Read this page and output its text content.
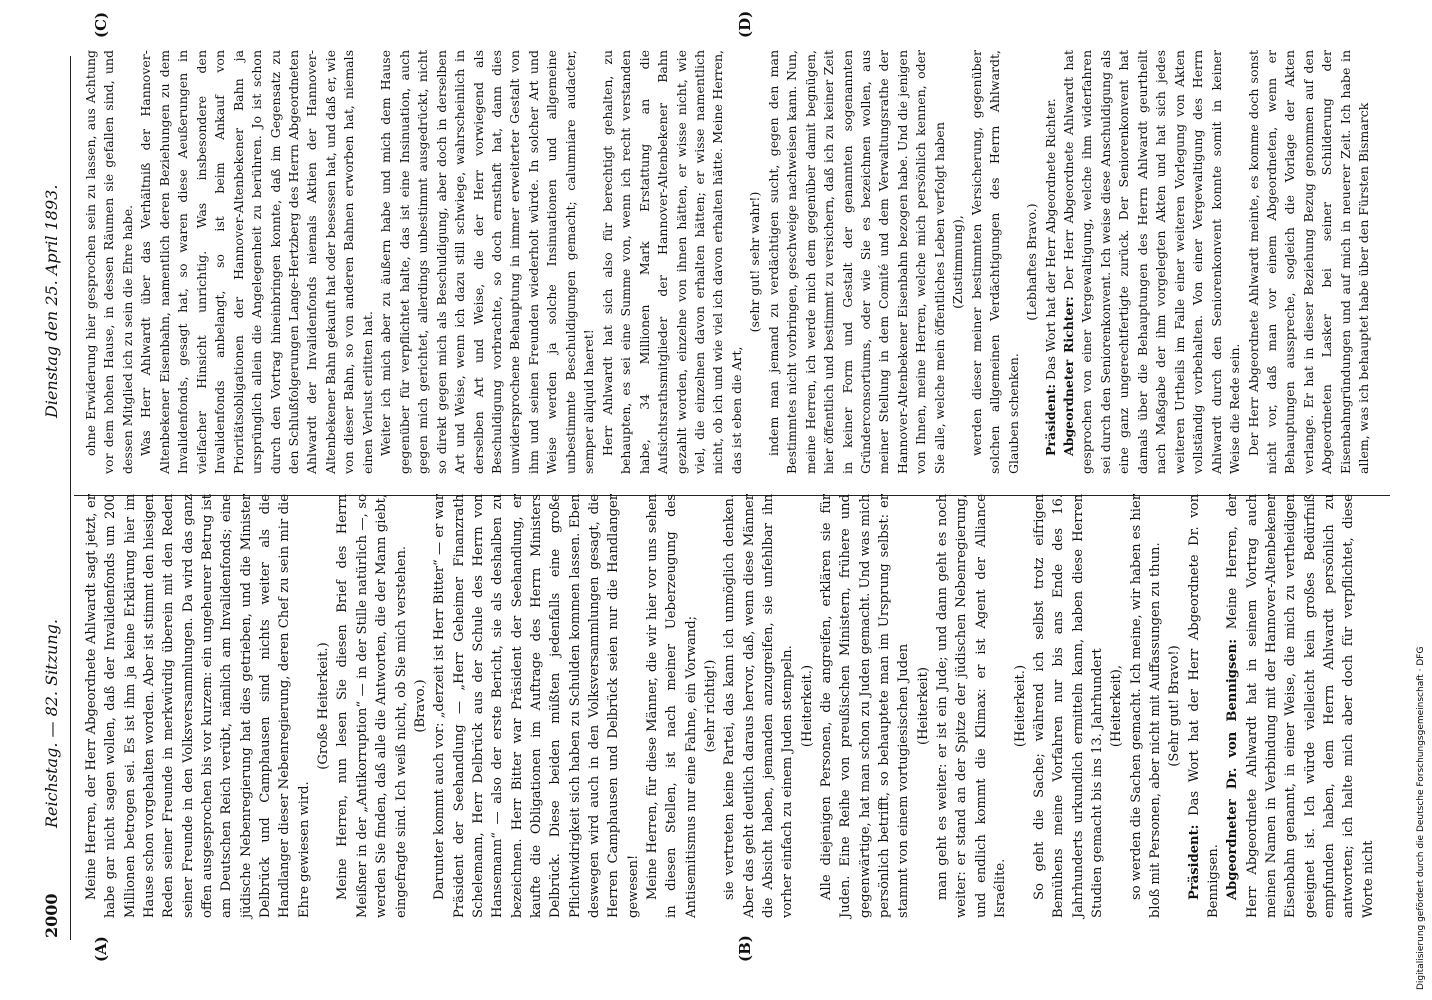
2000
Reichstag. — 82. Sitzung.
Dienstag den 25. April 1893.
(A)	(B)
(C)	(D)

Meine Herren, der Herr Abgeordnete Ahlwardt sagt jetzt, er habe gar nicht sagen wollen, daß der Invalidenfonds um 200 Millionen betrogen sei. Es ist ihm ja keine Erklärung hier im Hause schon vorgehalten worden. Aber ist stimmt den hiesigen Reden seiner Freunde in merkwürdig überein mit den Reden seiner Freunde in den Volksversammlungen. Da wird das ganz offen ausgesprochen bis vor kurzem: ein ungeheurer Betrug ist am Deutschen Reich verübt, nämlich am Invalidenfonds; eine jüdische Nebenregierung hat dies getrieben, und die Minister Delbrück und Camphausen sind nichts weiter als die Handlanger dieser Nebenregierung, deren Chef zu sein mir die Ehre gewiesen wird.

(Große Heiterkeit.) Meine Herren, nun lesen Sie diesen Brief des Herrn Meißner in der „Antikorruption“ — in der Stille natürlich —, so werden Sie finden, daß alle die Antworten, die der Mann giebt, eingefragte sind. Ich weiß nicht, ob Sie mich verstehen. (Bravo.) Darunter kommt auch vor: „derzeit ist Herr Bitter“ — er war Präsident der Seehandlung — „Herr Geheimer Finanzrath Schelemann, Herr Delbrück aus der Schule des Herrn von Hansemann“ — also der erste Bericht, sie als deshalben zu bezeichnen. Herr Bitter war Präsident der Seehandlung, er kaufte die Obligationen im Auftrage des Herrn Ministers Delbrück. Diese beiden müßten jedenfalls eine große Pflichtwidrigkeit sich haben zu Schulden kommen lassen. Eben deswegen wird auch in den Volksversammlungen gesagt, die Herren Camphausen und Delbrück seien nur die Handlanger gewesen! Meine Herren, für diese Männer, die wir hier vor uns sehen in diesen Stellen, ist nach meiner Ueberzeugung des Antisemitismus nur eine Fahne, ein Vorwand; (sehr richtig!) sie vertreten keine Partei, das kann ich unmöglich denken. Aber das geht deutlich daraus hervor, daß, wenn diese Männer die Absicht haben, jemanden anzugreifen, sie unfehlbar ihn vorher einfach zu einem Juden stempeln. (Heiterkeit.) Alle diejenigen Personen, die angreifen, erklären sie für Juden. Eine Reihe von preußischen Ministern, frühere und gegenwärtige, hat man schon zu Juden gemacht. Und was mich persönlich betrifft, so behauptete man im Ursprung selbst: er stammt von einem vortugiesischen Juden (Heiterkeit) man geht es weiter: er ist ein Jude; und dann geht es noch weiter: er stand an der Spitze der jüdischen Nebenregierung, und endlich kommt die Klimax: er ist Agent der Alliance Israélite.

(Heiterkeit.) So geht die Sache; während ich selbst trotz eifrigen Bemühens meine Vorfahren nur bis ans Ende des 16. Jahrhunderts urkundlich ermitteln kann, haben diese Herren Studien gemacht bis ins 13. Jahrhundert (Heiterkeit), so werden die Sachen gemacht. Ich meine, wir haben es hier bloß mit Personen, aber nicht mit Auffassungen zu thun. (Sehr gut! Bravo!)

Präsident: Das Wort hat der Herr Abgeordnete Dr. von Bennigsen. Abgeordneter Dr. von Bennigsen: Meine Herren, der Herr Abgeordnete Ahlwardt hat in seinem Vortrag auch meinen Namen in Verbindung mit der Hannover-Altenbekener Eisenbahn genannt, in einer Weise, die mich zu vertheidigen geeignet ist. Ich würde vielleicht kein großes Bedürfniß empfunden haben, dem Herrn Ahlwardt persönlich zu antworten; ich halte mich aber doch für verpflichtet, diese Worte nicht

ohne Erwiderung hier gesprochen sein zu lassen, aus Achtung vor dem hohen Hause, in dessen Räumen sie gefallen sind, und dessen Mitglied ich zu sein die Ehre habe. Was Herr Ahlwardt über das Verhältniß der Hannover-Altenbekener Eisenbahn, namentlich deren Beziehungen zu dem Invalidenfonds, gesagt hat, so waren diese Aeußerungen in vielfacher Hinsicht unrichtig. Was insbesondere den Invalidenfonds anbelangt, so ist beim Ankauf von Prioritätsobligationen der Hannover-Altenbekener Bahn ja ursprünglich allein die Angelegenheit zu berühren. Jo ist schon durch den Vortrag hineinbringen konnte, daß im Gegensatz zu den Schlußfolgerungen Lange-Hertzberg des Herrn Abgeordneten Ahlwardt der Invalidenfonds niemals Aktien der Hannover-Altenbekener Bahn gekauft hat oder besessen hat, und daß er, wie von dieser Bahn, so von anderen Bahnen erworben hat, niemals einen Verlust erlitten hat. Weiter ich mich aber zu äußern habe und mich dem Hause gegenüber für verpflichtet halte, das ist eine Insinuation, auch gegen mich gerichtet, allerdings unbestimmt ausgedrückt, nicht so direkt gegen mich als Beschuldigung, aber doch in derselben Art und Weise, wenn ich dazu still schwiege, wahrscheinlich in derselben Art und Weise, die der Herr vorwiegend als Beschuldigung vorbrachte, so doch ernsthaft hat, dann dies unwidersprochene Behauptung in immer erweiterter Gestalt von ihm und seinen Freunden wiederholt würde. In solcher Art und Weise werden ja solche Insinuationen und allgemeine unbestimmte Beschuldigungen gemacht; calumniare audacter, semper aliquid haeret! Herr Ahlwardt hat sich also für berechtigt gehalten, zu behaupten, es sei eine Summe von, wenn ich recht verstanden habe, 34 Millionen Mark Erstattung an die Aufsichtsrathsmitglieder der Hannover-Altenbekener Bahn gezahlt worden, einzelne von ihnen hätten, er wisse nicht, wie viel, die einzelnen davon erhalten hätten; er wisse namentlich nicht, ob ich und wie viel ich davon erhalten hätte. Meine Herren, das ist eben die Art,

(sehr gut! sehr wahr!) indem man jemand zu verdächtigen sucht, gegen den man Bestimmtes nicht vorbringen, geschweige nachweisen kann. Nun, meine Herren, ich werde mich dem gegenüber damit begnügen, hier öffentlich und bestimmt zu versichern, daß ich zu keiner Zeit in keiner Form und Gestalt der genannten sogenannten Gründerconsortiums, oder wie Sie es bezeichnen wollen, aus meiner Stellung in dem Comité und dem Verwaltungsrathe der Hannover-Altenbekener Eisenbahn bezogen habe. Und die jenigen von Ihnen, meine Herren, welche mich persönlich kennen, oder Sie alle, welche mein öffentliches Leben verfolgt haben (Zustimmung), werden dieser meiner bestimmten Versicherung, gegenüber solchen allgemeinen Verdächtigungen des Herrn Ahlwardt, Glauben schenken.

(Lebhaftes Bravo.)

Präsident: Das Wort hat der Herr Abgeordnete Richter. Abgeordneter Richter: Der Herr Abgeordnete Ahlwardt hat gesprochen von einer Vergewaltigung, welche ihm widerfahren sei durch den Seniorenkonvent. Ich weise diese Anschuldigung als eine ganz ungerechtfertigte zurück. Der Seniorenkonvent hat damals über die Behauptungen des Herrn Ahlwardt geurtheilt nach Maßgabe der ihm vorgelegten Akten und hat sich jedes weiteren Urtheils im Falle einer weiteren Vorlegung von Akten vollständig vorbehalten. Von einer Vergewaltigung des Herrn Ahlwardt durch den Seniorenkonvent konnte somit in keiner Weise die Rede sein. Der Herr Abgeordnete Ahlwardt meinte, es komme doch sonst nicht vor, daß man vor einem Abgeordneten, wenn er Behauptungen ausspreche, sogleich die Vorlage der Akten verlange. Er hat in dieser Beziehung Bezug genommen auf den Abgeordneten Lasker bei seiner Schilderung der Eisenbahngründungen und auf mich in neuerer Zeit. Ich habe in allem, was ich behauptet habe über den Fürsten Bismarck

Digitalisierung gefördert durch die Deutsche Forschungsgemeinschaft · DFG
